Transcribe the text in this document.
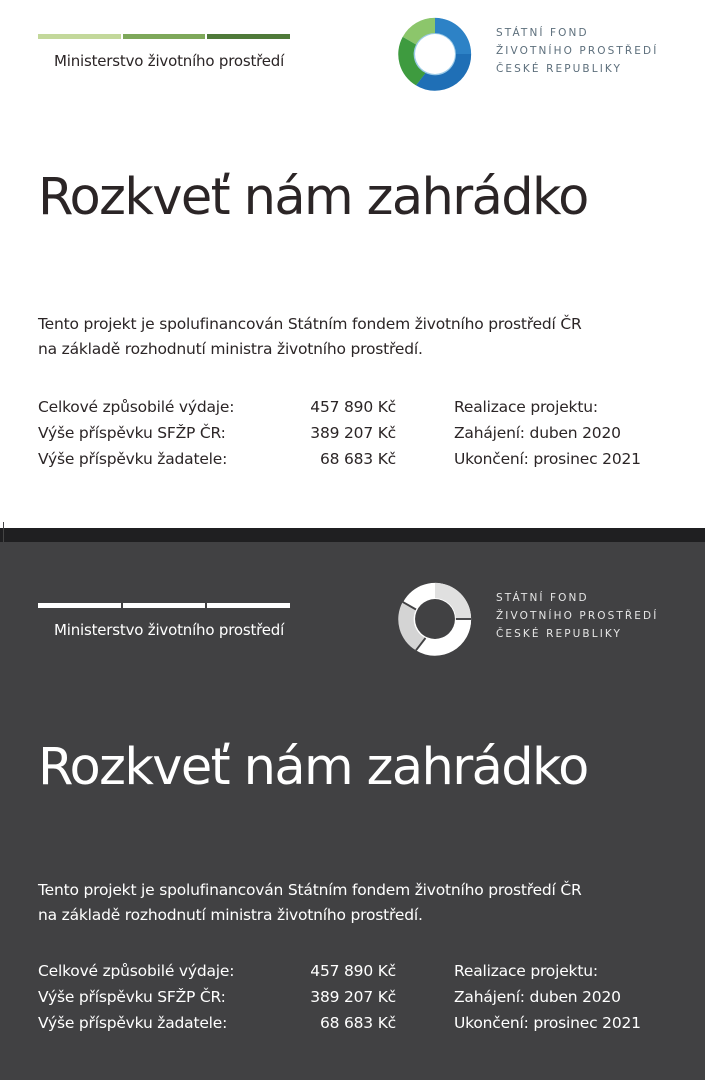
Ministerstvo životního prostředí
STÁTNÍ FOND
ŽIVOTNÍHO PROSTŘEDÍ
ČESKÉ REPUBLIKY
Rozkveť nám zahrádko
Tento projekt je spolufinancován Státním fondem životního prostředí ČR
na základě rozhodnutí ministra životního prostředí.
Celkové způsobilé výdaje:
Výše příspěvku SFŽP ČR:
Výše příspěvku žadatele:
457 890 Kč
389 207 Kč
68 683 Kč
Realizace projektu:
Zahájení: duben 2020
Ukončení: prosinec 2021
Ministerstvo životního prostředí
STÁTNÍ FOND
ŽIVOTNÍHO PROSTŘEDÍ
ČESKÉ REPUBLIKY
Rozkveť nám zahrádko
Tento projekt je spolufinancován Státním fondem životního prostředí ČR
na základě rozhodnutí ministra životního prostředí.
Celkové způsobilé výdaje:
Výše příspěvku SFŽP ČR:
Výše příspěvku žadatele:
457 890 Kč
389 207 Kč
68 683 Kč
Realizace projektu:
Zahájení: duben 2020
Ukončení: prosinec 2021
